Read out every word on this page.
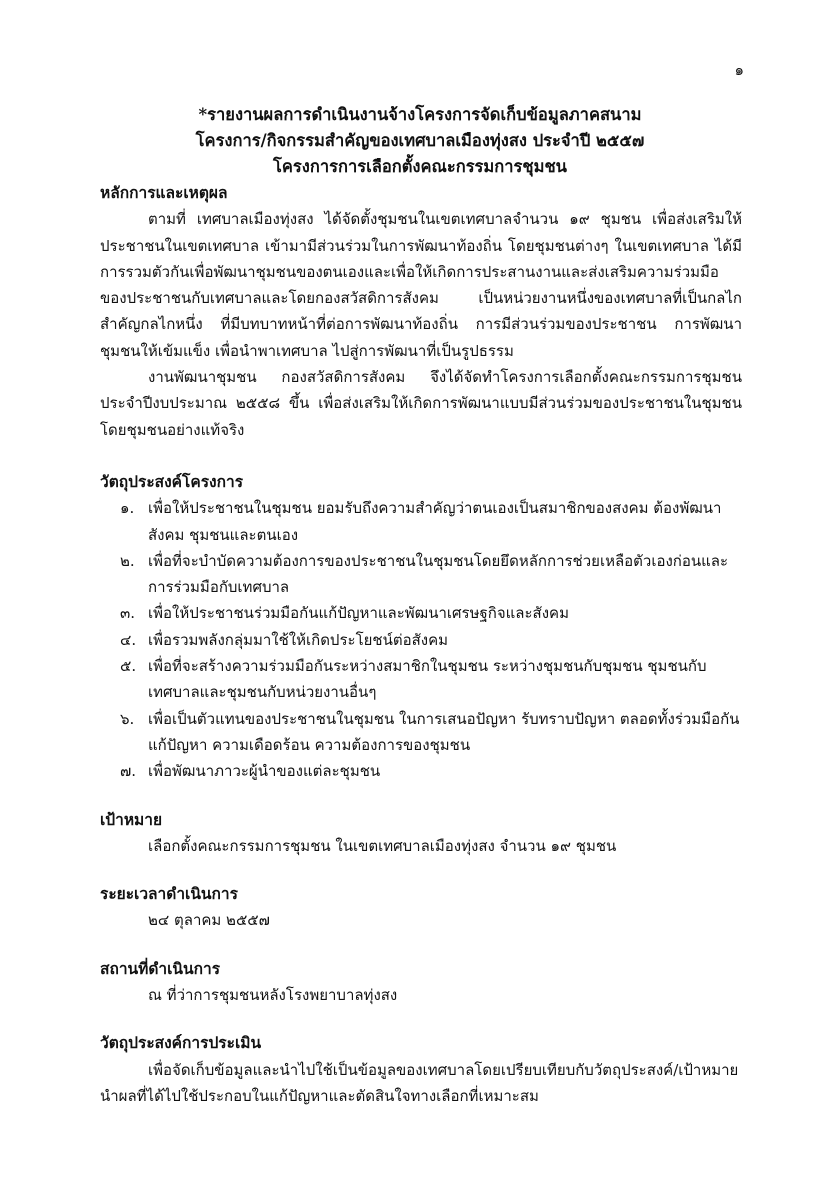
๑

*รายงานผลการดำเนินงานจ้างโครงการจัดเก็บข้อมูลภาคสนาม

โครงการ/กิจกรรมสำคัญของเทศบาลเมืองทุ่งสง ประจำปี ๒๕๕๗

โครงการการเลือกตั้งคณะกรรมการชุมชน

หลักการและเหตุผล

ตามที่ เทศบาลเมืองทุ่งสง ได้จัดตั้งชุมชนในเขตเทศบาลจำนวน ๑๙ ชุมชน เพื่อส่งเสริมให้ประชาชนในเขตเทศบาล เข้ามามีส่วนร่วมในการพัฒนาท้องถิ่น โดยชุมชนต่างๆ ในเขตเทศบาล ได้มีการรวมตัวกันเพื่อพัฒนาชุมชนของตนเองและเพื่อให้เกิดการประสานงานและส่งเสริมความร่วมมือของประชาชนกับเทศบาลและโดยกองสวัสดิการสังคม เป็นหน่วยงานหนึ่งของเทศบาลที่เป็นกลไกสำคัญกลไกหนึ่ง ที่มีบทบาทหน้าที่ต่อการพัฒนาท้องถิ่น การมีส่วนร่วมของประชาชน การพัฒนาชุมชนให้เข้มแข็ง เพื่อนำพาเทศบาล ไปสู่การพัฒนาที่เป็นรูปธรรม

งานพัฒนาชุมชน กองสวัสดิการสังคม จึงได้จัดทำโครงการเลือกตั้งคณะกรรมการชุมชนประจำปีงบประมาณ ๒๕๕๘ ขึ้น เพื่อส่งเสริมให้เกิดการพัฒนาแบบมีส่วนร่วมของประชาชนในชุมชนโดยชุมชนอย่างแท้จริง

วัตถุประสงค์โครงการ

๑. เพื่อให้ประชาชนในชุมชน ยอมรับถึงความสำคัญว่าตนเองเป็นสมาชิกของสงคม ต้องพัฒนาสังคม ชุมชนและตนเอง
๒. เพื่อที่จะบำบัดความต้องการของประชาชนในชุมชนโดยยึดหลักการช่วยเหลือตัวเองก่อนและการร่วมมือกับเทศบาล
๓. เพื่อให้ประชาชนร่วมมือกันแก้ปัญหาและพัฒนาเศรษฐกิจและสังคม
๔. เพื่อรวมพลังกลุ่มมาใช้ให้เกิดประโยชน์ต่อสังคม
๕. เพื่อที่จะสร้างความร่วมมือกันระหว่างสมาชิกในชุมชน ระหว่างชุมชนกับชุมชน ชุมชนกับเทศบาลและชุมชนกับหน่วยงานอื่นๆ
๖. เพื่อเป็นตัวแทนของประชาชนในชุมชน ในการเสนอปัญหา รับทราบปัญหา ตลอดทั้งร่วมมือกันแก้ปัญหา ความเดือดร้อน ความต้องการของชุมชน
๗. เพื่อพัฒนาภาวะผู้นำของแต่ละชุมชน

เป้าหมาย

เลือกตั้งคณะกรรมการชุมชน ในเขตเทศบาลเมืองทุ่งสง จำนวน ๑๙ ชุมชน

ระยะเวลาดำเนินการ

๒๔ ตุลาคม ๒๕๕๗

สถานที่ดำเนินการ

ณ ที่ว่าการชุมชนหลังโรงพยาบาลทุ่งสง

วัตถุประสงค์การประเมิน

เพื่อจัดเก็บข้อมูลและนำไปใช้เป็นข้อมูลของเทศบาลโดยเปรียบเทียบกับวัตถุประสงค์/เป้าหมายนำผลที่ได้ไปใช้ประกอบในแก้ปัญหาและตัดสินใจทางเลือกที่เหมาะสม
